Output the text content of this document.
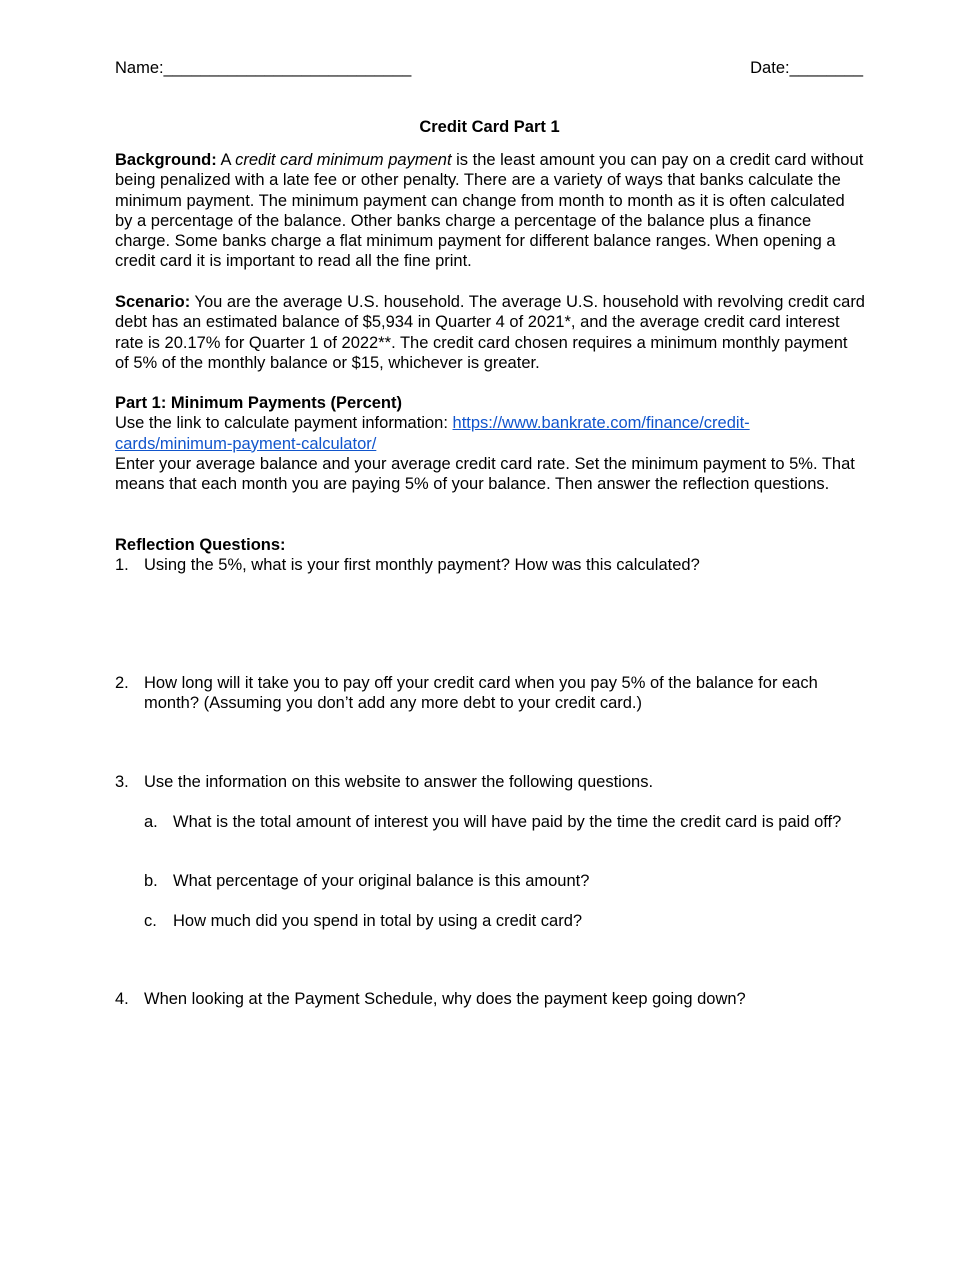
Name:___________________________	Date:________
Credit Card Part 1
Background: A credit card minimum payment is the least amount you can pay on a credit card without being penalized with a late fee or other penalty. There are a variety of ways that banks calculate the minimum payment. The minimum payment can change from month to month as it is often calculated by a percentage of the balance. Other banks charge a percentage of the balance plus a finance charge. Some banks charge a flat minimum payment for different balance ranges. When opening a credit card it is important to read all the fine print.
Scenario: You are the average U.S. household. The average U.S. household with revolving credit card debt has an estimated balance of $5,934 in Quarter 4 of 2021*, and the average credit card interest rate is 20.17% for Quarter 1 of 2022**. The credit card chosen requires a minimum monthly payment of 5% of the monthly balance or $15, whichever is greater.
Part 1: Minimum Payments (Percent)
Use the link to calculate payment information: https://www.bankrate.com/finance/credit-cards/minimum-payment-calculator/
Enter your average balance and your average credit card rate. Set the minimum payment to 5%. That means that each month you are paying 5% of your balance. Then answer the reflection questions.
Reflection Questions:
1. Using the 5%, what is your first monthly payment? How was this calculated?
2. How long will it take you to pay off your credit card when you pay 5% of the balance for each month? (Assuming you don’t add any more debt to your credit card.)
3. Use the information on this website to answer the following questions.
a. What is the total amount of interest you will have paid by the time the credit card is paid off?
b. What percentage of your original balance is this amount?
c. How much did you spend in total by using a credit card?
4. When looking at the Payment Schedule, why does the payment keep going down?
